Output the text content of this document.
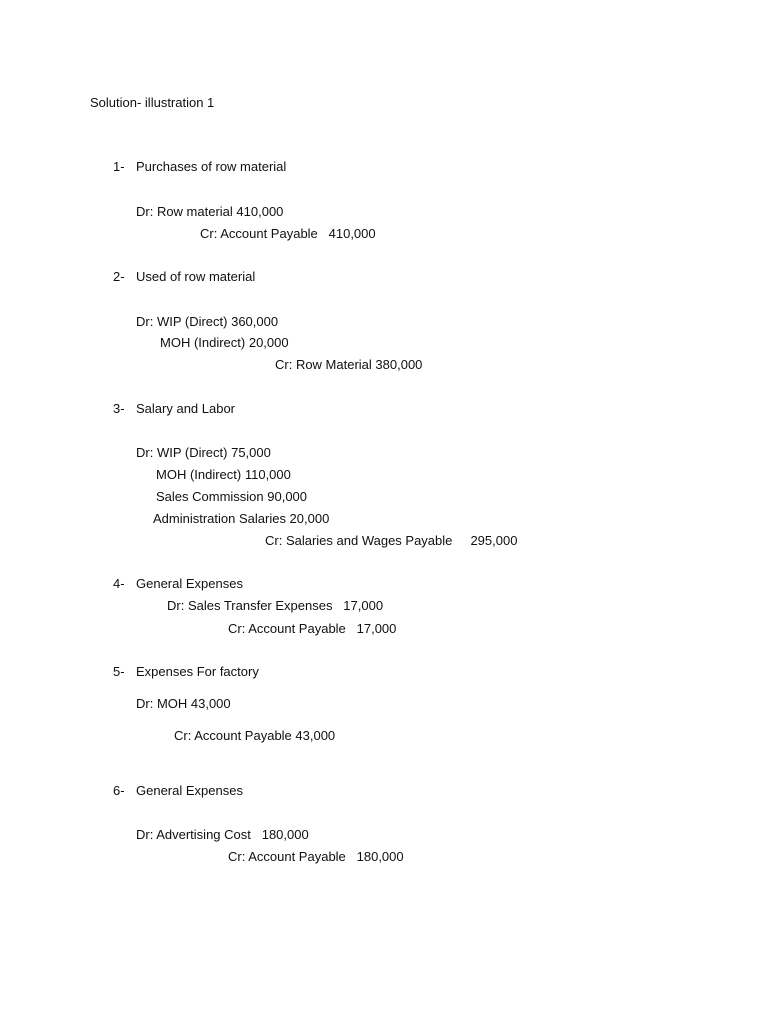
Solution- illustration 1

1- Purchases of row material

Dr: Row material 410,000

Cr: Account Payable   410,000

2- Used of row material

Dr: WIP (Direct) 360,000

MOH (Indirect) 20,000

Cr: Row Material 380,000

3- Salary and Labor

Dr: WIP (Direct) 75,000

MOH (Indirect) 110,000

Sales Commission 90,000

Administration Salaries 20,000

Cr: Salaries and Wages Payable     295,000

4- General Expenses

Dr: Sales Transfer Expenses   17,000

Cr: Account Payable   17,000

5- Expenses For factory

Dr: MOH 43,000

Cr: Account Payable 43,000

6- General Expenses

Dr: Advertising Cost   180,000

Cr: Account Payable   180,000
